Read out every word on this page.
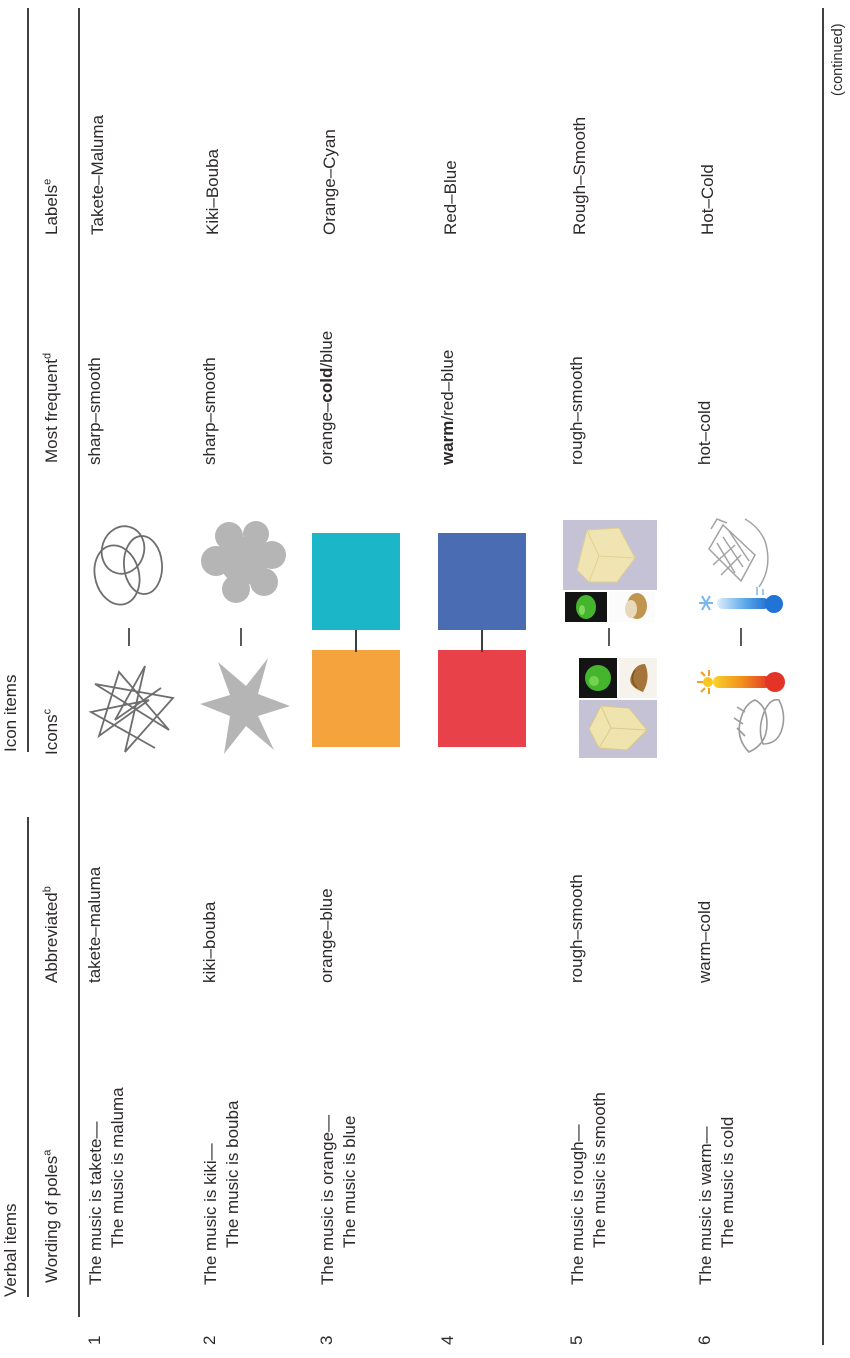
Verbal items
Icon items
Wording of poles$^a$
Abbreviated$^b$
Icons$^c$
Most frequent$^d$
Labels$^e$
1
The music is takete— The music is maluma
takete–maluma
sharp–smooth
Takete–Maluma
2
The music is kiki— The music is bouba
kiki–bouba
sharp–smooth
Kiki–Bouba
3
The music is orange— The music is blue
orange–blue
orange–cold/blue
Orange–Cyan
4
warm/red–blue
Red–Blue
5
The music is rough— The music is smooth
rough–smooth
rough–smooth
Rough–Smooth
6
The music is warm— The music is cold
warm–cold
hot–cold
Hot–Cold
(continued)
